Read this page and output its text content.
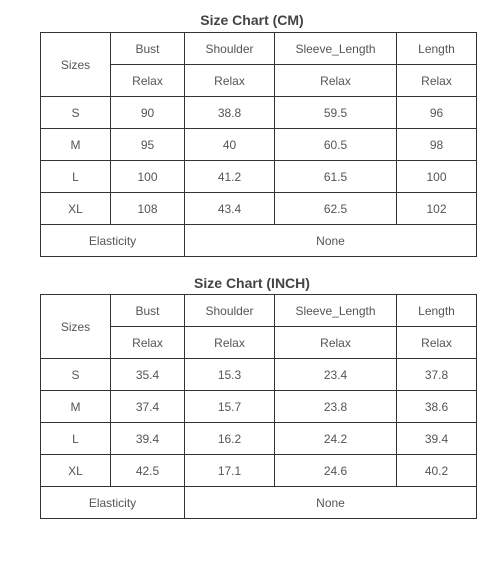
Size Chart (CM)
Sizes	Bust	Shoulder	Sleeve_Length	Length
	Relax	Relax	Relax	Relax
S	90	38.8	59.5	96
M	95	40	60.5	98
L	100	41.2	61.5	100
XL	108	43.4	62.5	102
Elasticity		None		
Size Chart (INCH)
Sizes	Bust	Shoulder	Sleeve_Length	Length
	Relax	Relax	Relax	Relax
S	35.4	15.3	23.4	37.8
M	37.4	15.7	23.8	38.6
L	39.4	16.2	24.2	39.4
XL	42.5	17.1	24.6	40.2
Elasticity		None		
